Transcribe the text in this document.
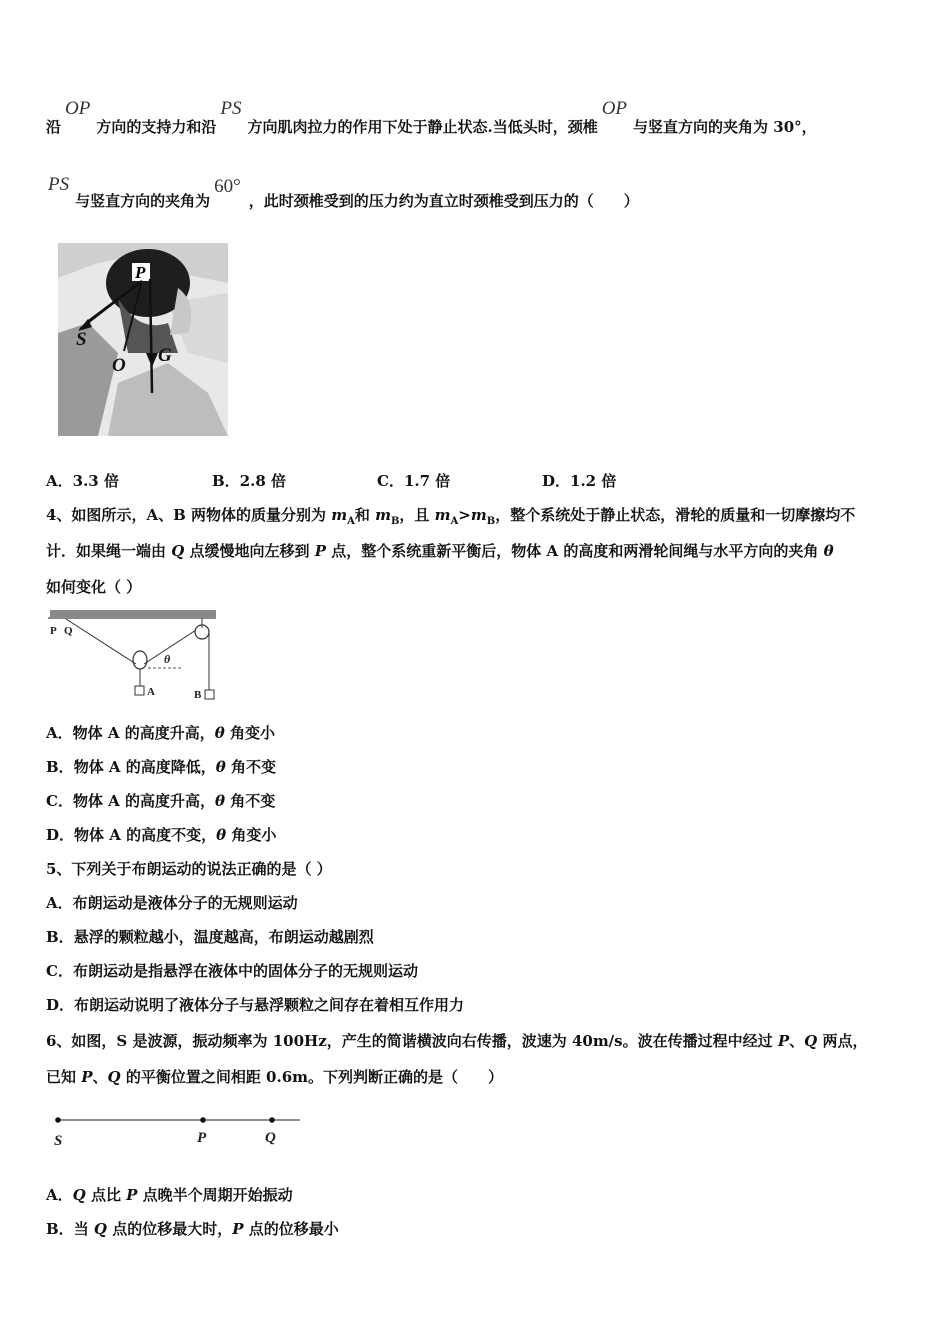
沿OP方向的支持力和沿PS方向肌肉拉力的作用下处于静止状态.当低头时，颈椎OP与竖直方向的夹角为 30°，
PS与竖直方向的夹角为60°，此时颈椎受到的压力约为直立时颈椎受到压力的（　　）
P
S
O G
A．3.3 倍	B．2.8 倍	C．1.7 倍	D．1.2 倍
4、如图所示，A、B 两物体的质量分别为 $m_A$和 $m_B$，且 $m_A>m_B$，整个系统处于静止状态，滑轮的质量和一切摩擦均不
计．如果绳一端由 Q 点缓慢地向左移到 P 点，整个系统重新平衡后，物体 A 的高度和两滑轮间绳与水平方向的夹角 θ
如何变化（ ）
θ
A	B
P Q
A．物体 A 的高度升高，θ 角变小
B．物体 A 的高度降低，θ 角不变
C．物体 A 的高度升高，θ 角不变
D．物体 A 的高度不变，θ 角变小
5、下列关于布朗运动的说法正确的是（ ）
A．布朗运动是液体分子的无规则运动
B．悬浮的颗粒越小，温度越高，布朗运动越剧烈
C．布朗运动是指悬浮在液体中的固体分子的无规则运动
D．布朗运动说明了液体分子与悬浮颗粒之间存在着相互作用力
6、如图，S 是波源，振动频率为 100Hz，产生的简谐横波向右传播，波速为 40m/s。波在传播过程中经过 P、Q 两点，
已知 P、Q 的平衡位置之间相距 0.6m。下列判断正确的是（　　）
S	P	Q
A．Q 点比 P 点晚半个周期开始振动
B．当 Q 点的位移最大时，P 点的位移最小
